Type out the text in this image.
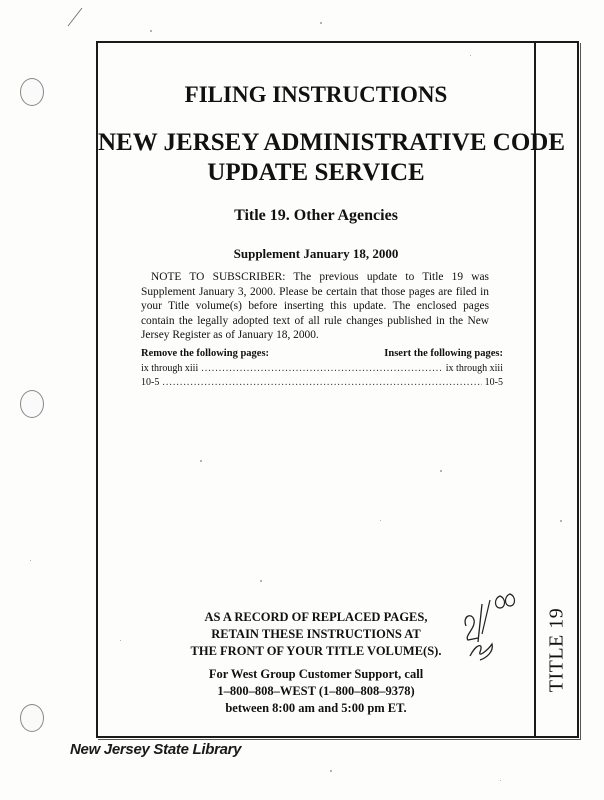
TITLE 19
FILING INSTRUCTIONS
NEW JERSEY ADMINISTRATIVE CODE
UPDATE SERVICE
Title 19. Other Agencies
Supplement January 18, 2000
NOTE TO SUBSCRIBER: The previous update to Title 19 was Supplement January 3, 2000. Please be certain that those pages are filed in your Title volume(s) before inserting this update. The enclosed pages contain the legally adopted text of all rule changes published in the New Jersey Register as of January 18, 2000.
Remove the following pages:	Insert the following pages:
ix through xiii .....	ix through xiii
10-5 .....	10-5
AS A RECORD OF REPLACED PAGES,
RETAIN THESE INSTRUCTIONS AT
THE FRONT OF YOUR TITLE VOLUME(S).
For West Group Customer Support, call
1–800–808–WEST (1–800–808–9378)
between 8:00 am and 5:00 pm ET.
New Jersey State Library
